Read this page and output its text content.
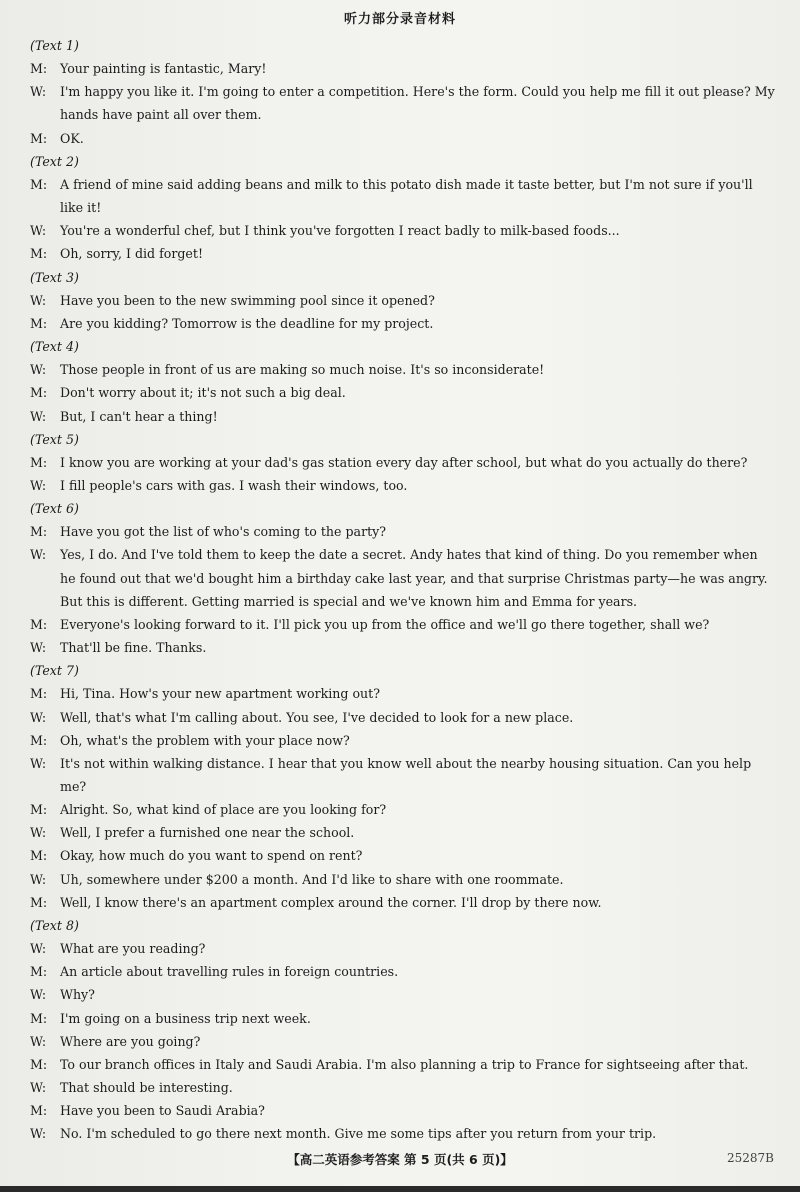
听力部分录音材料

(Text 1)

M: Your painting is fantastic, Mary!

W: I'm happy you like it. I'm going to enter a competition. Here's the form. Could you help me fill it out please? My hands have paint all over them.

M: OK.

(Text 2)

M: A friend of mine said adding beans and milk to this potato dish made it taste better, but I'm not sure if you'll like it!

W: You're a wonderful chef, but I think you've forgotten I react badly to milk-based foods...

M: Oh, sorry, I did forget!

(Text 3)

W: Have you been to the new swimming pool since it opened?

M: Are you kidding? Tomorrow is the deadline for my project.

(Text 4)

W: Those people in front of us are making so much noise. It's so inconsiderate!

M: Don't worry about it; it's not such a big deal.

W: But, I can't hear a thing!

(Text 5)

M: I know you are working at your dad's gas station every day after school, but what do you actually do there?

W: I fill people's cars with gas. I wash their windows, too.

(Text 6)

M: Have you got the list of who's coming to the party?

W: Yes, I do. And I've told them to keep the date a secret. Andy hates that kind of thing. Do you remember when he found out that we'd bought him a birthday cake last year, and that surprise Christmas party—he was angry. But this is different. Getting married is special and we've known him and Emma for years.

M: Everyone's looking forward to it. I'll pick you up from the office and we'll go there together, shall we?

W: That'll be fine. Thanks.

(Text 7)

M: Hi, Tina. How's your new apartment working out?

W: Well, that's what I'm calling about. You see, I've decided to look for a new place.

M: Oh, what's the problem with your place now?

W: It's not within walking distance. I hear that you know well about the nearby housing situation. Can you help me?

M: Alright. So, what kind of place are you looking for?

W: Well, I prefer a furnished one near the school.

M: Okay, how much do you want to spend on rent?

W: Uh, somewhere under $200 a month. And I'd like to share with one roommate.

M: Well, I know there's an apartment complex around the corner. I'll drop by there now.

(Text 8)

W: What are you reading?

M: An article about travelling rules in foreign countries.

W: Why?

M: I'm going on a business trip next week.

W: Where are you going?

M: To our branch offices in Italy and Saudi Arabia. I'm also planning a trip to France for sightseeing after that.

W: That should be interesting.

M: Have you been to Saudi Arabia?

W: No. I'm scheduled to go there next month. Give me some tips after you return from your trip.

【高二英语参考答案 第 5 页(共 6 页)】	25287B
